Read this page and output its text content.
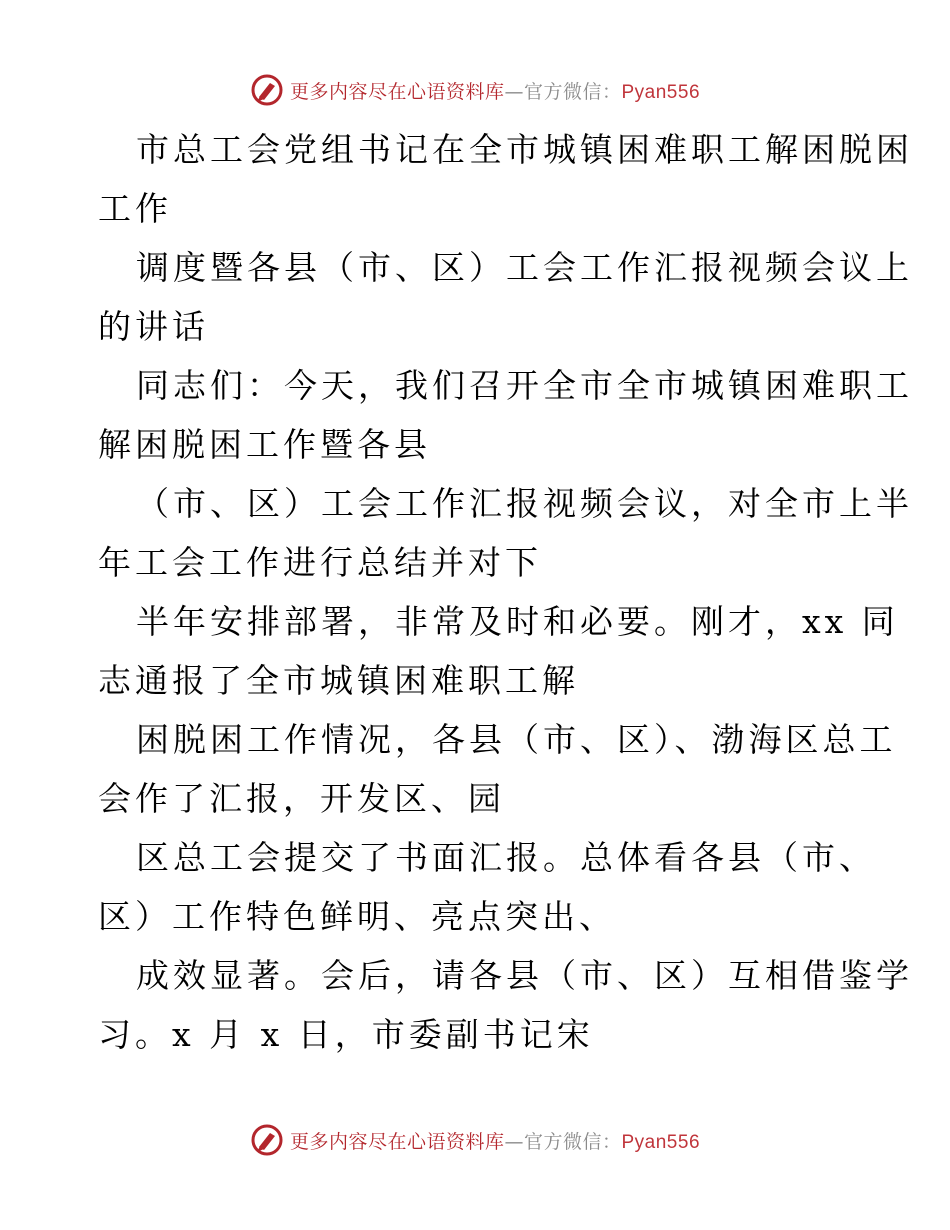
更多内容尽在心语资料库—官方微信：Pyan556
市总工会党组书记在全市城镇困难职工解困脱困
工作
调度暨各县（市、区）工会工作汇报视频会议上
的讲话
同志们：今天，我们召开全市全市城镇困难职工
解困脱困工作暨各县
（市、区）工会工作汇报视频会议，对全市上半
年工会工作进行总结并对下
半年安排部署，非常及时和必要。刚才，xx 同
志通报了全市城镇困难职工解
困脱困工作情况，各县（市、区）、渤海区总工
会作了汇报，开发区、园
区总工会提交了书面汇报。总体看各县（市、
区）工作特色鲜明、亮点突出、
成效显著。会后，请各县（市、区）互相借鉴学
习。x 月 x 日，市委副书记宋
更多内容尽在心语资料库—官方微信：Pyan556
